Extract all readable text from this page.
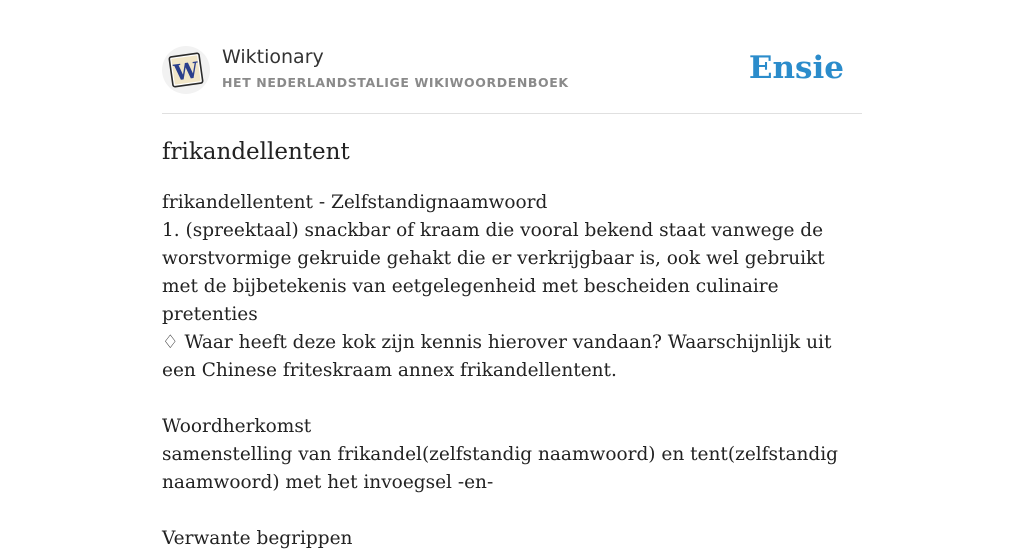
W
Wiktionary
HET NEDERLANDSTALIGE WIKIWOORDENBOEK	Ensie
frikandellentent

frikandellentent - Zelfstandignaamwoord

1. (spreektaal) snackbar of kraam die vooral bekend staat vanwege de worstvormige gekruide gehakt die er verkrijgbaar is, ook wel gebruikt met de bijbetekenis van eetgelegenheid met bescheiden culinaire pretenties

♢ Waar heeft deze kok zijn kennis hierover vandaan? Waarschijnlijk uit een Chinese friteskraam annex frikandellentent.

Woordherkomst

samenstelling van frikandel(zelfstandig naamwoord) en tent(zelfstandig naamwoord) met het invoegsel -en-

Verwante begrippen
